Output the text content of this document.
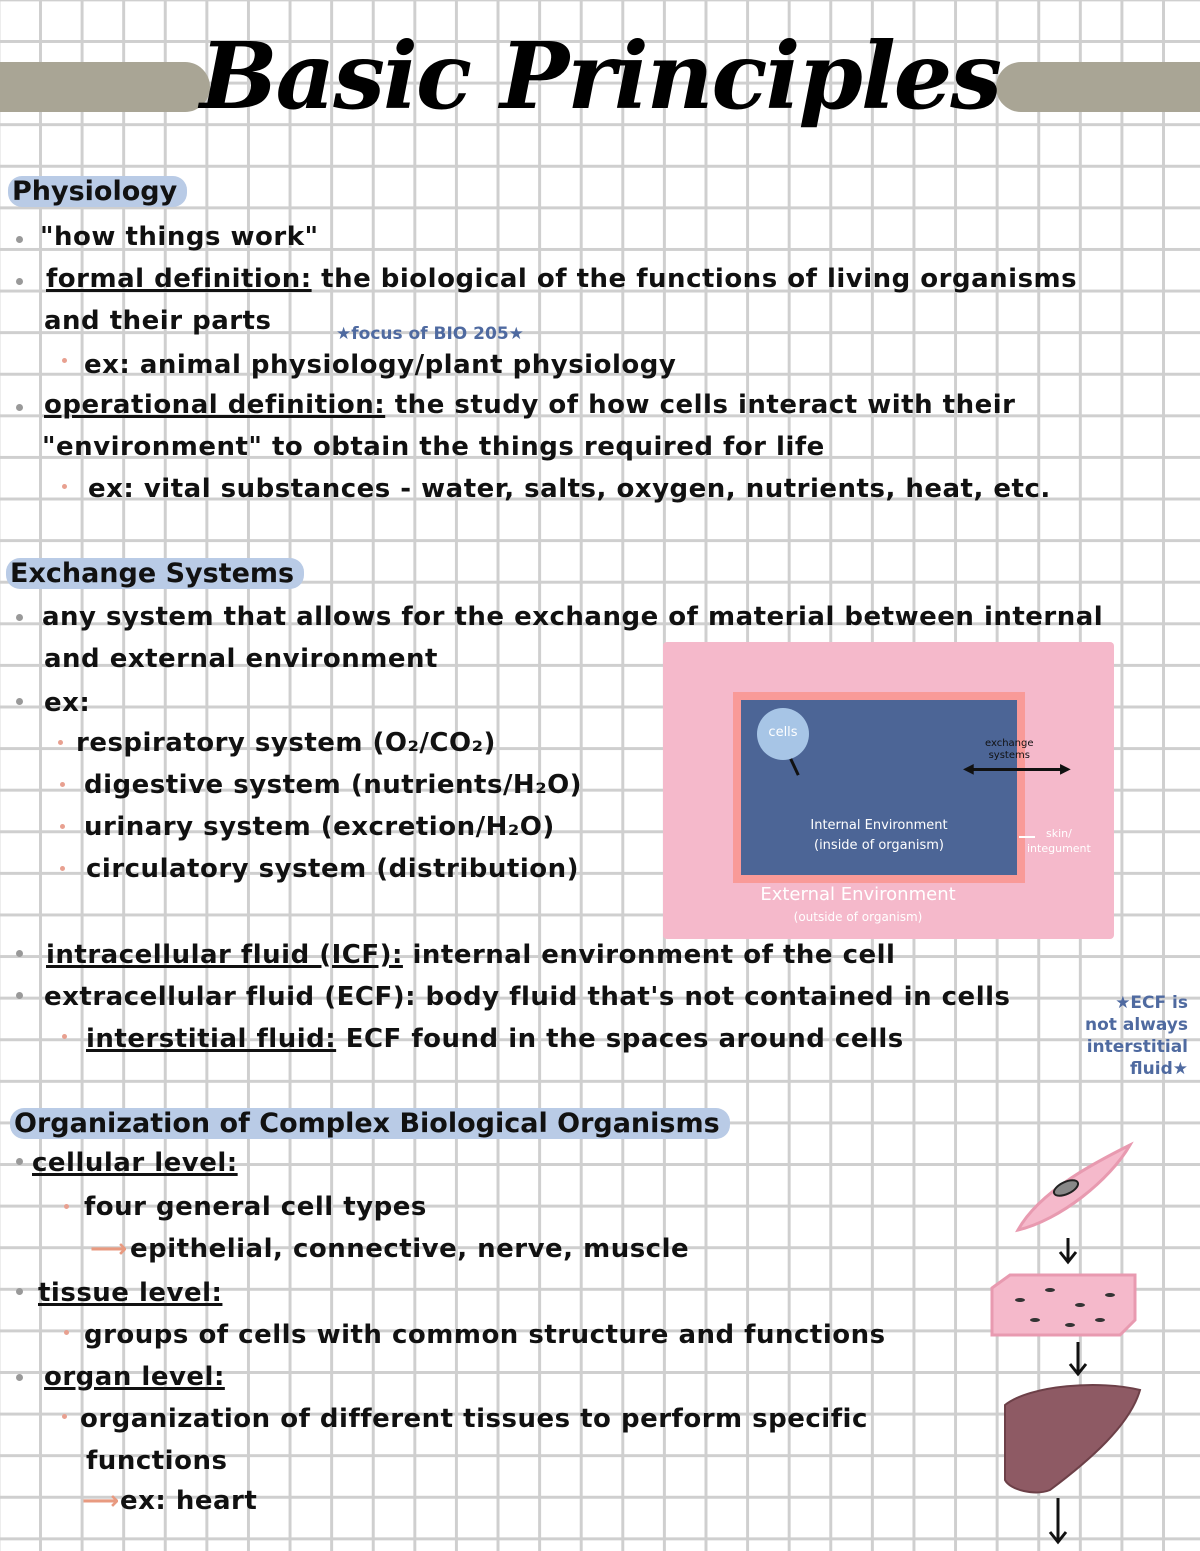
Basic Principles
Physiology
"how things work"
formal definition: the biological of the functions of living organisms
and their parts	★focus of BIO 205★
ex: animal physiology/plant physiology
operational definition: the study of how cells interact with their
"environment" to obtain the things required for life
ex: vital substances - water, salts, oxygen, nutrients, heat, etc.
Exchange Systems
any system that allows for the exchange of material between internal
and external environment
ex:
respiratory system (O₂/CO₂)
digestive system (nutrients/H₂O)
urinary system (excretion/H₂O)
circulatory system (distribution)
cells
Internal Environment
(inside of organism)
exchange
systems
◀	▶
skin/
integument
External Environment
(outside of organism)
intracellular fluid (ICF): internal environment of the cell
extracellular fluid (ECF): body fluid that's not contained in cells	★ECF is
not always
interstitial
fluid★
interstitial fluid: ECF found in the spaces around cells
Organization of Complex Biological Organisms
cellular level:
four general cell types
⟶ epithelial, connective, nerve, muscle
tissue level:
groups of cells with common structure and functions
organ level:
organization of different tissues to perform specific
functions
⟶ ex: heart
